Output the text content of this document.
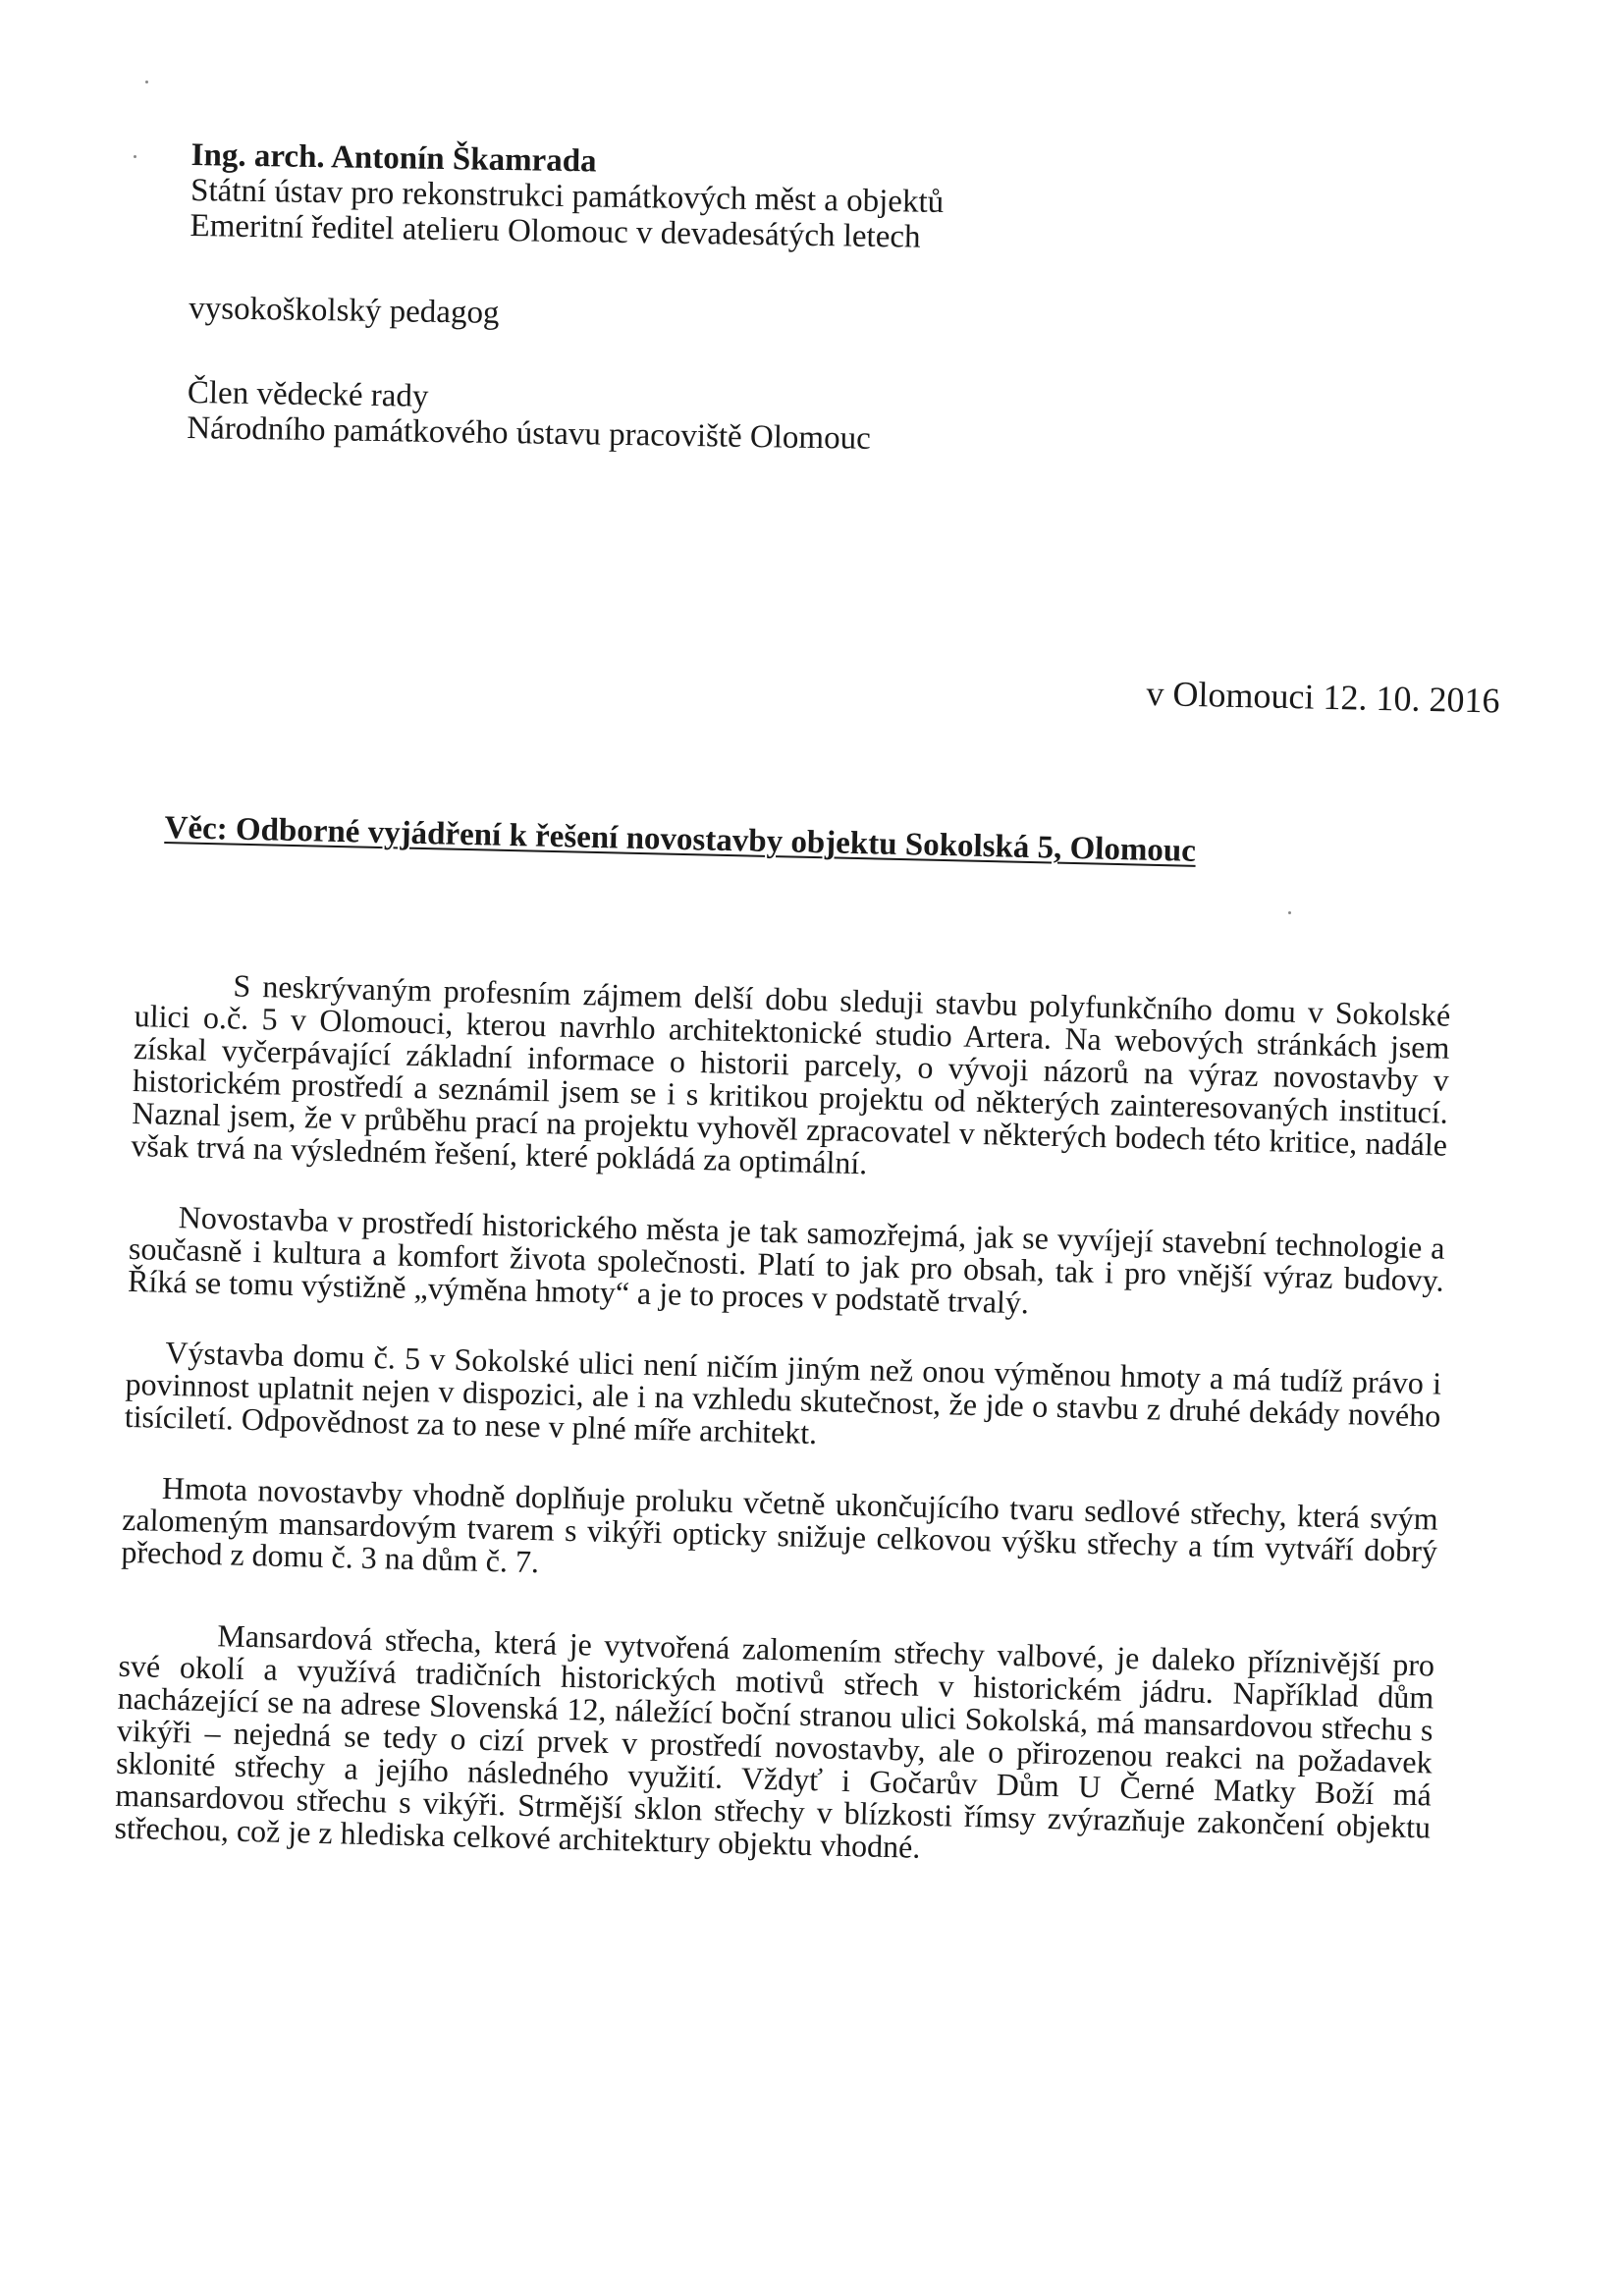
Ing. arch. Antonín Škamrada
Státní ústav pro rekonstrukci památkových měst a objektů
Emeritní ředitel atelieru Olomouc v devadesátých letech
vysokoškolský pedagog
Člen vědecké rady
Národního památkového ústavu pracoviště Olomouc
v Olomouci 12. 10. 2016
Věc: Odborné vyjádření k řešení novostavby objektu Sokolská 5, Olomouc

S neskrývaným profesním zájmem delší dobu sleduji stavbu polyfunkčního domu v Sokolské ulici o.č. 5 v Olomouci, kterou navrhlo architektonické studio Artera. Na webových stránkách jsem získal vyčerpávající základní informace o historii parcely, o vývoji názorů na výraz novostavby v historickém prostředí a seznámil jsem se i s kritikou projektu od některých zainteresovaných institucí. Naznal jsem, že v průběhu prací na projektu vyhověl zpracovatel v některých bodech této kritice, nadále však trvá na výsledném řešení, které pokládá za optimální.

Novostavba v prostředí historického města je tak samozřejmá, jak se vyvíjejí stavební technologie a současně i kultura a komfort života společnosti. Platí to jak pro obsah, tak i pro vnější výraz budovy. Říká se tomu výstižně „výměna hmoty“ a je to proces v podstatě trvalý.

Výstavba domu č. 5 v Sokolské ulici není ničím jiným než onou výměnou hmoty a má tudíž právo i povinnost uplatnit nejen v dispozici, ale i na vzhledu skutečnost, že jde o stavbu z druhé dekády nového tisíciletí. Odpovědnost za to nese v plné míře architekt.

Hmota novostavby vhodně doplňuje proluku včetně ukončujícího tvaru sedlové střechy, která svým zalomeným mansardovým tvarem s vikýři opticky snižuje celkovou výšku střechy a tím vytváří dobrý přechod z domu č. 3 na dům č. 7.

Mansardová střecha, která je vytvořená zalomením střechy valbové, je daleko příznivější pro své okolí a využívá tradičních historických motivů střech v historickém jádru. Například dům nacházející se na adrese Slovenská 12, náležící boční stranou ulici Sokolská, má mansardovou střechu s vikýři – nejedná se tedy o cizí prvek v prostředí novostavby, ale o přirozenou reakci na požadavek sklonité střechy a jejího následného využití. Vždyť i Gočarův Dům U Černé Matky Boží má mansardovou střechu s vikýři. Strmější sklon střechy v blízkosti římsy zvýrazňuje zakončení objektu střechou, což je z hlediska celkové architektury objektu vhodné.
